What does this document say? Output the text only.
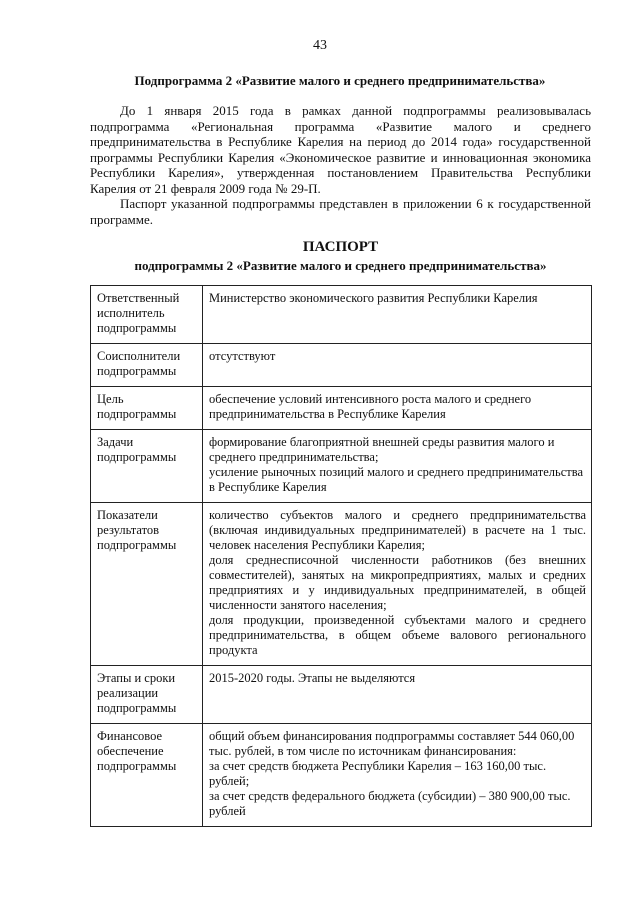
43
Подпрограмма 2 «Развитие малого и среднего предпринимательства»

До 1 января 2015 года в рамках данной подпрограммы реализовывалась подпрограмма «Региональная программа «Развитие малого и среднего предпринимательства в Республике Карелия на период до 2014 года» государственной программы Республики Карелия «Экономическое развитие и инновационная экономика Республики Карелия», утвержденная постановлением Правительства Республики Карелия от 21 февраля 2009 года № 29-П.

Паспорт указанной подпрограммы представлен в приложении 6 к государственной программе.

ПАСПОРТ
подпрограммы 2 «Развитие малого и среднего предпринимательства»
Ответственный исполнитель подпрограммы	Министерство экономического развития Республики Карелия

Соисполнители подпрограммы	отсутствуют

Цель подпрограммы	обеспечение условий интенсивного роста малого и среднего предпринимательства в Республике Карелия

Задачи подпрограммы	формирование благоприятной внешней среды развития малого и среднего предпринимательства;

усиление рыночных позиций малого и среднего предпринимательства в Республике Карелия

Показатели результатов подпрограммы	количество субъектов малого и среднего предпринимательства (включая индивидуальных предпринимателей) в расчете на 1 тыс. человек населения Республики Карелия;

доля среднесписочной численности работников (без внешних совместителей), занятых на микропредприятиях, малых и средних предприятиях и у индивидуальных предпринимателей, в общей численности занятого населения;

доля продукции, произведенной субъектами малого и среднего предпринимательства, в общем объеме валового регионального продукта

Этапы и сроки реализации подпрограммы	2015-2020 годы. Этапы не выделяются

Финансовое обеспечение подпрограммы	общий объем финансирования подпрограммы составляет 544 060,00 тыс. рублей, в том числе по источникам финансирования:

за счет средств бюджета Республики Карелия – 163 160,00 тыс. рублей;

за счет средств федерального бюджета (субсидии) – 380 900,00 тыс. рублей
